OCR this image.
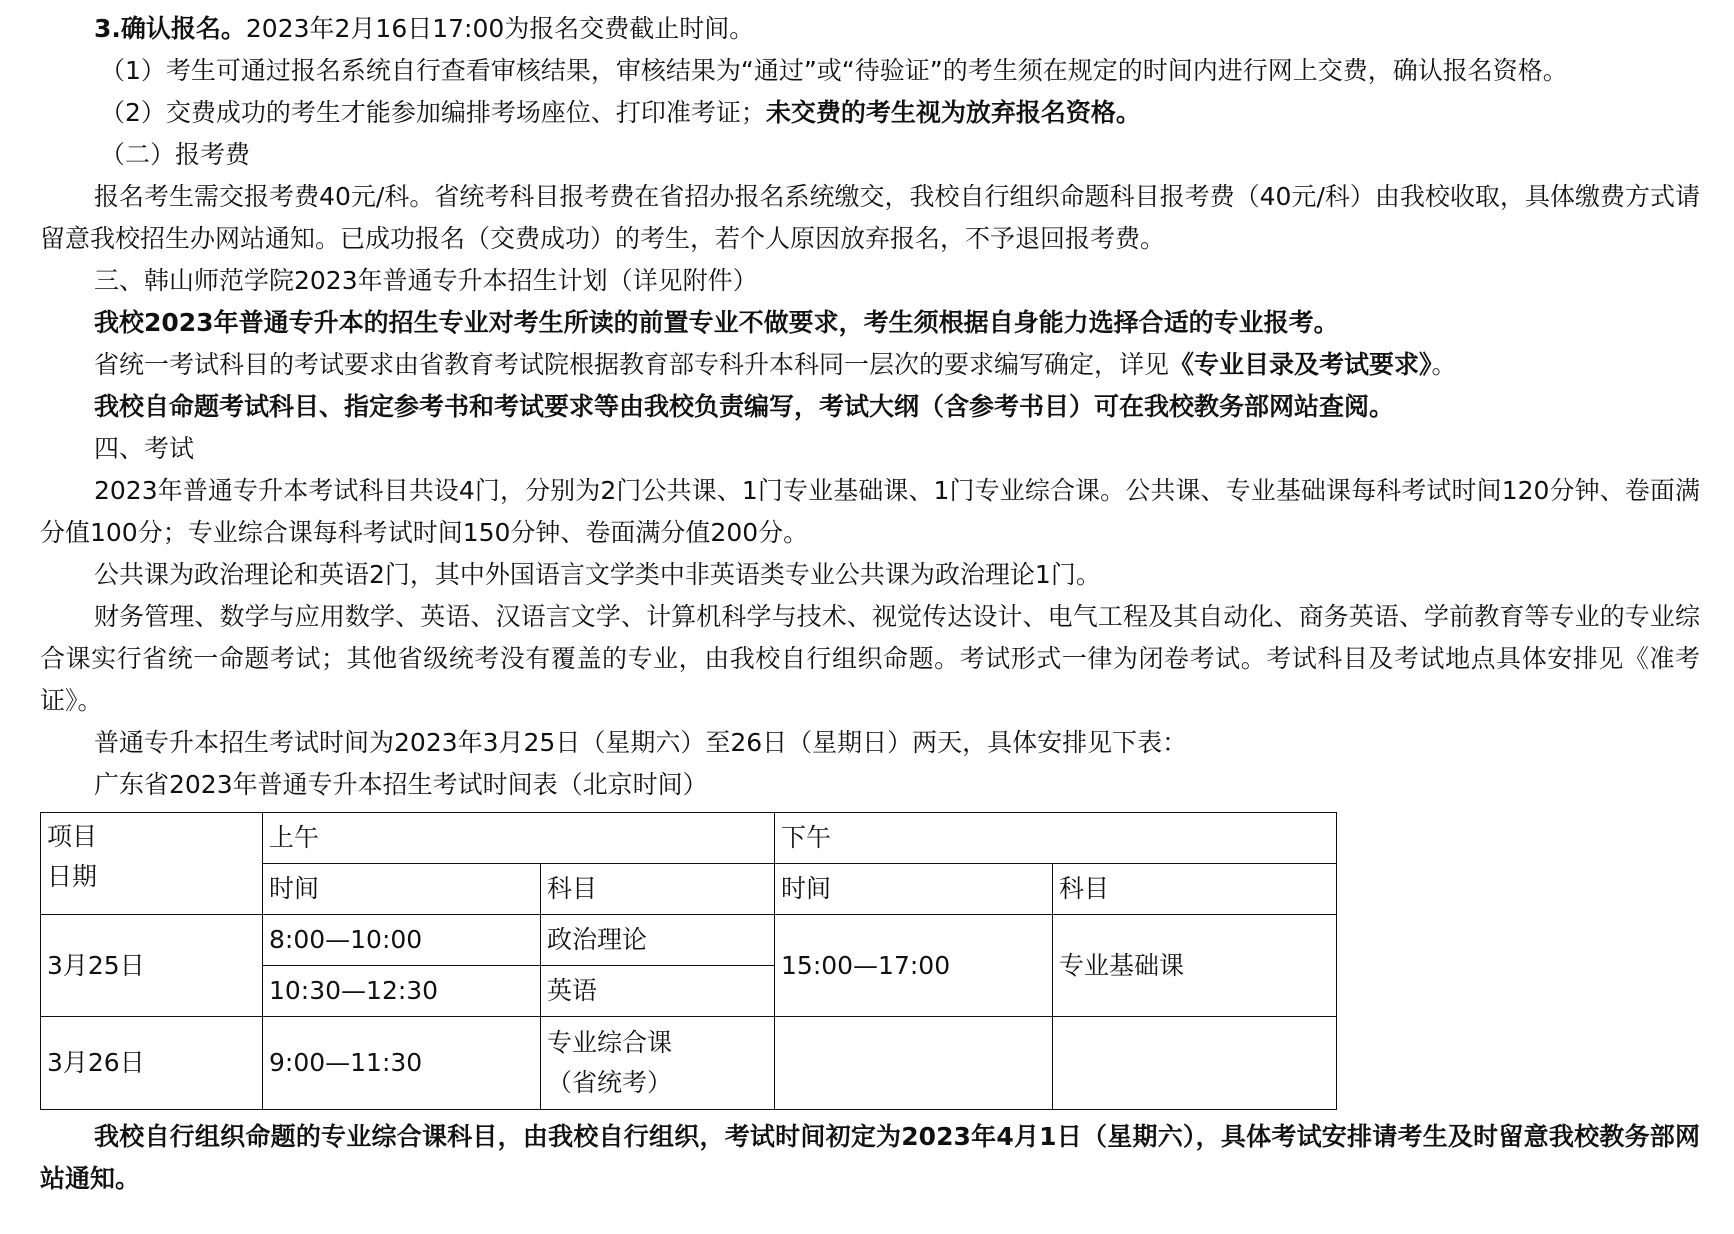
3.确认报名。2023年2月16日17:00为报名交费截止时间。

（1）考生可通过报名系统自行查看审核结果，审核结果为“通过”或“待验证”的考生须在规定的时间内进行网上交费，确认报名资格。

（2）交费成功的考生才能参加编排考场座位、打印准考证；未交费的考生视为放弃报名资格。

（二）报考费

报名考生需交报考费40元/科。省统考科目报考费在省招办报名系统缴交，我校自行组织命题科目报考费（40元/科）由我校收取，具体缴费方式请留意我校招生办网站通知。已成功报名（交费成功）的考生，若个人原因放弃报名，不予退回报考费。

三、韩山师范学院2023年普通专升本招生计划（详见附件）

我校2023年普通专升本的招生专业对考生所读的前置专业不做要求，考生须根据自身能力选择合适的专业报考。

省统一考试科目的考试要求由省教育考试院根据教育部专科升本科同一层次的要求编写确定，详见《专业目录及考试要求》。

我校自命题考试科目、指定参考书和考试要求等由我校负责编写，考试大纲（含参考书目）可在我校教务部网站查阅。

四、考试

2023年普通专升本考试科目共设4门，分别为2门公共课、1门专业基础课、1门专业综合课。公共课、专业基础课每科考试时间120分钟、卷面满分值100分；专业综合课每科考试时间150分钟、卷面满分值200分。

公共课为政治理论和英语2门，其中外国语言文学类中非英语类专业公共课为政治理论1门。

财务管理、数学与应用数学、英语、汉语言文学、计算机科学与技术、视觉传达设计、电气工程及其自动化、商务英语、学前教育等专业的专业综合课实行省统一命题考试；其他省级统考没有覆盖的专业，由我校自行组织命题。考试形式一律为闭卷考试。考试科目及考试地点具体安排见《准考证》。

普通专升本招生考试时间为2023年3月25日（星期六）至26日（星期日）两天，具体安排见下表：

广东省2023年普通专升本招生考试时间表（北京时间）

项目
日期	上午		下午	
	时间	科目	时间	科目
3月25日	8:00—10:00	政治理论	15:00—17:00	专业基础课
	10:30—12:30	英语		
3月26日	9:00—11:30	专业综合课
（省统考）		

我校自行组织命题的专业综合课科目，由我校自行组织，考试时间初定为2023年4月1日（星期六），具体考试安排请考生及时留意我校教务部网站通知。
